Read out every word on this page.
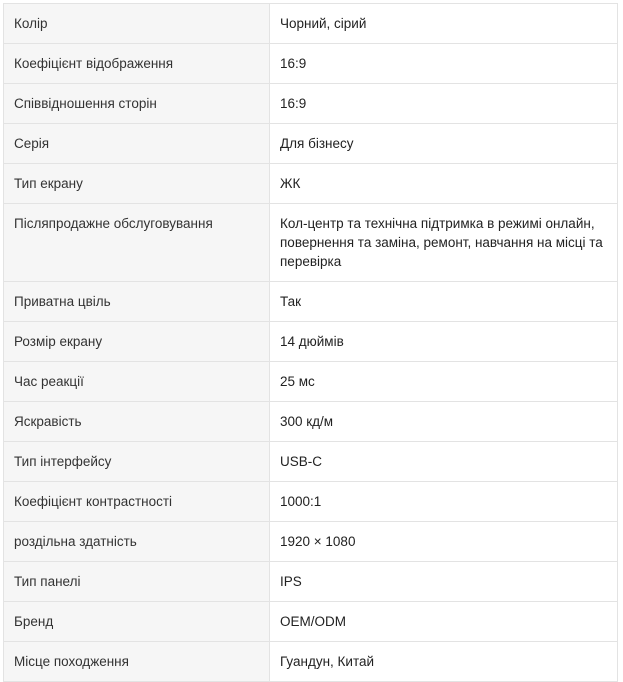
Колір	Чорний, сірий
Коефіцієнт відображення	16:9
Співвідношення сторін	16:9
Серія	Для бізнесу
Тип екрану	ЖК
Післяпродажне обслуговування	Кол-центр та технічна підтримка в режимі онлайн, повернення та заміна, ремонт, навчання на місці та перевірка
Приватна цвіль	Так
Розмір екрану	14 дюймів
Час реакції	25 мс
Яскравість	300 кд/м
Тип інтерфейсу	USB-C
Коефіцієнт контрастності	1000:1
роздільна здатність	1920 × 1080
Тип панелі	IPS
Бренд	OEM/ODM
Місце походження	Гуандун, Китай
